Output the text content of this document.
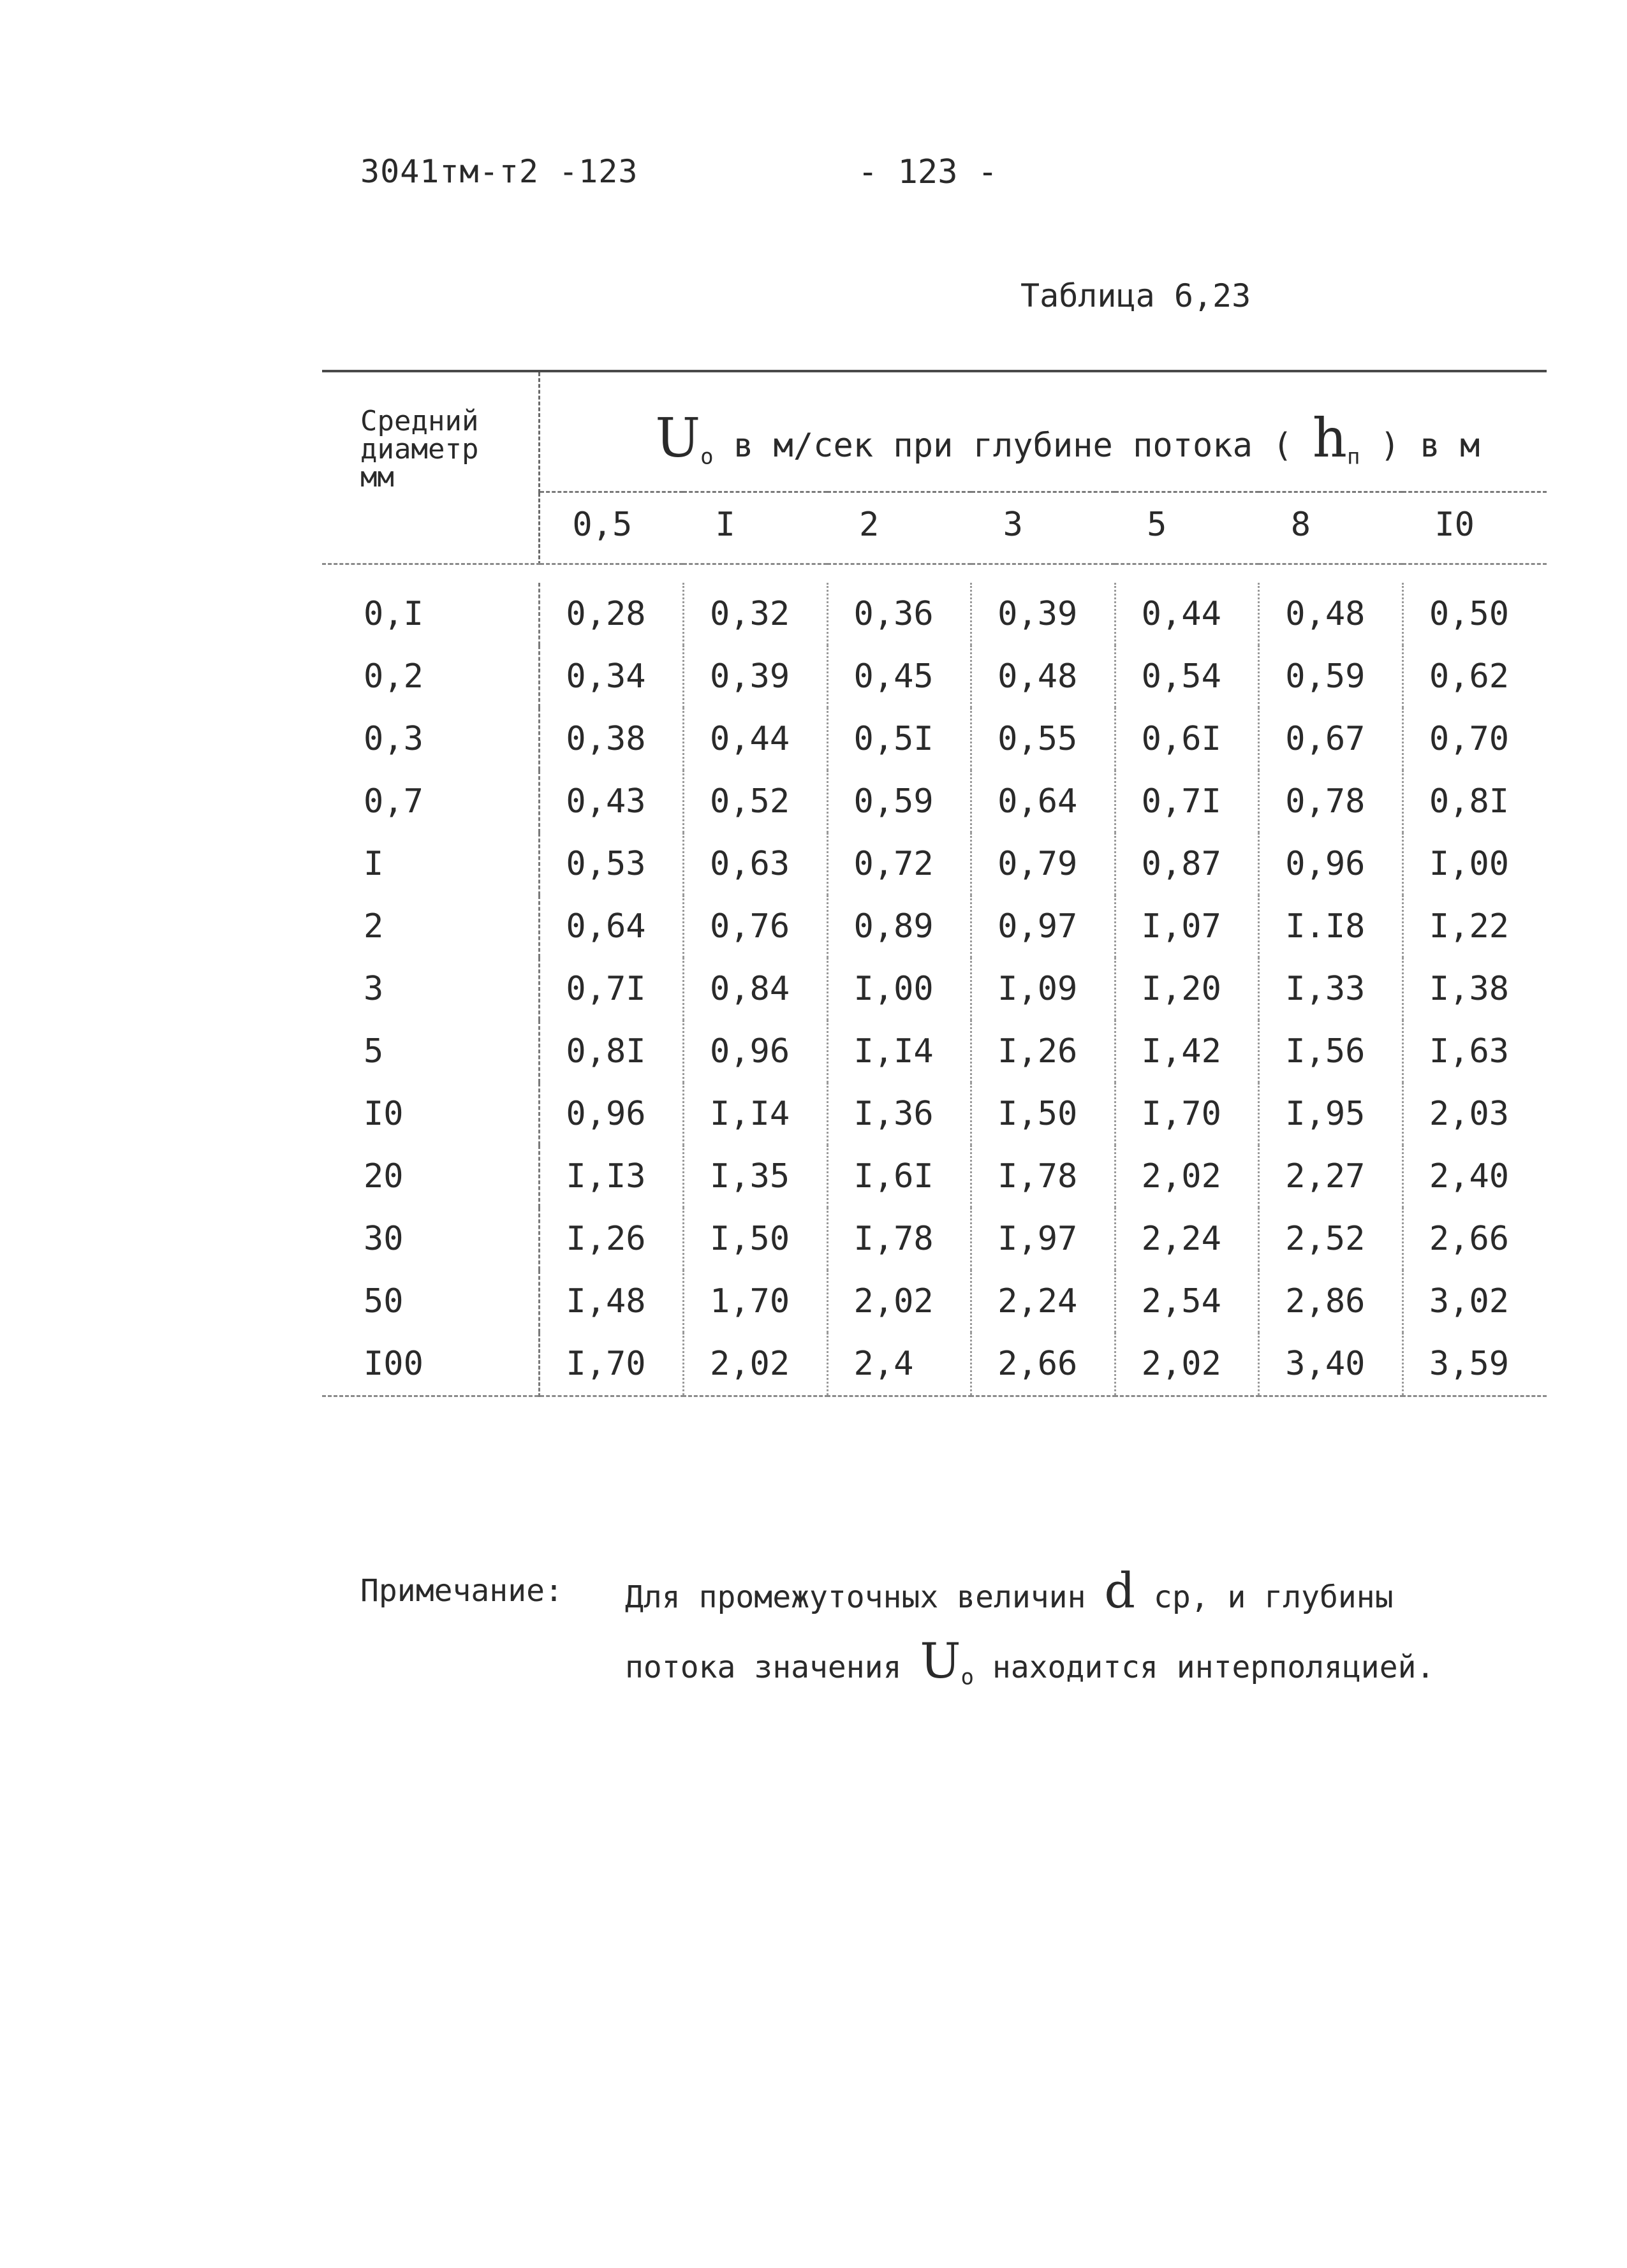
3041тм-т2 -123	- 123 -
Таблица 6,23
Средний
диаметр
мм	$U_о$ в м/сек при глубине потока ( $h_п$ ) в м						
	0,5	I	2	3	5	8	I0

0,I	0,28	0,32	0,36	0,39	0,44	0,48	0,50
0,2	0,34	0,39	0,45	0,48	0,54	0,59	0,62
0,3	0,38	0,44	0,5I	0,55	0,6I	0,67	0,70
0,7	0,43	0,52	0,59	0,64	0,7I	0,78	0,8I
I	0,53	0,63	0,72	0,79	0,87	0,96	I,00
2	0,64	0,76	0,89	0,97	I,07	I.I8	I,22
3	0,7I	0,84	I,00	I,09	I,20	I,33	I,38
5	0,8I	0,96	I,I4	I,26	I,42	I,56	I,63
I0	0,96	I,I4	I,36	I,50	I,70	I,95	2,03
20	I,I3	I,35	I,6I	I,78	2,02	2,27	2,40
30	I,26	I,50	I,78	I,97	2,24	2,52	2,66
50	I,48	1,70	2,02	2,24	2,54	2,86	3,02
I00	I,70	2,02	2,4	2,66	2,02	3,40	3,59

Примечание: Для промежуточных величин d ср, и глубины
потока значения $U_о$ находится интерполяцией.
